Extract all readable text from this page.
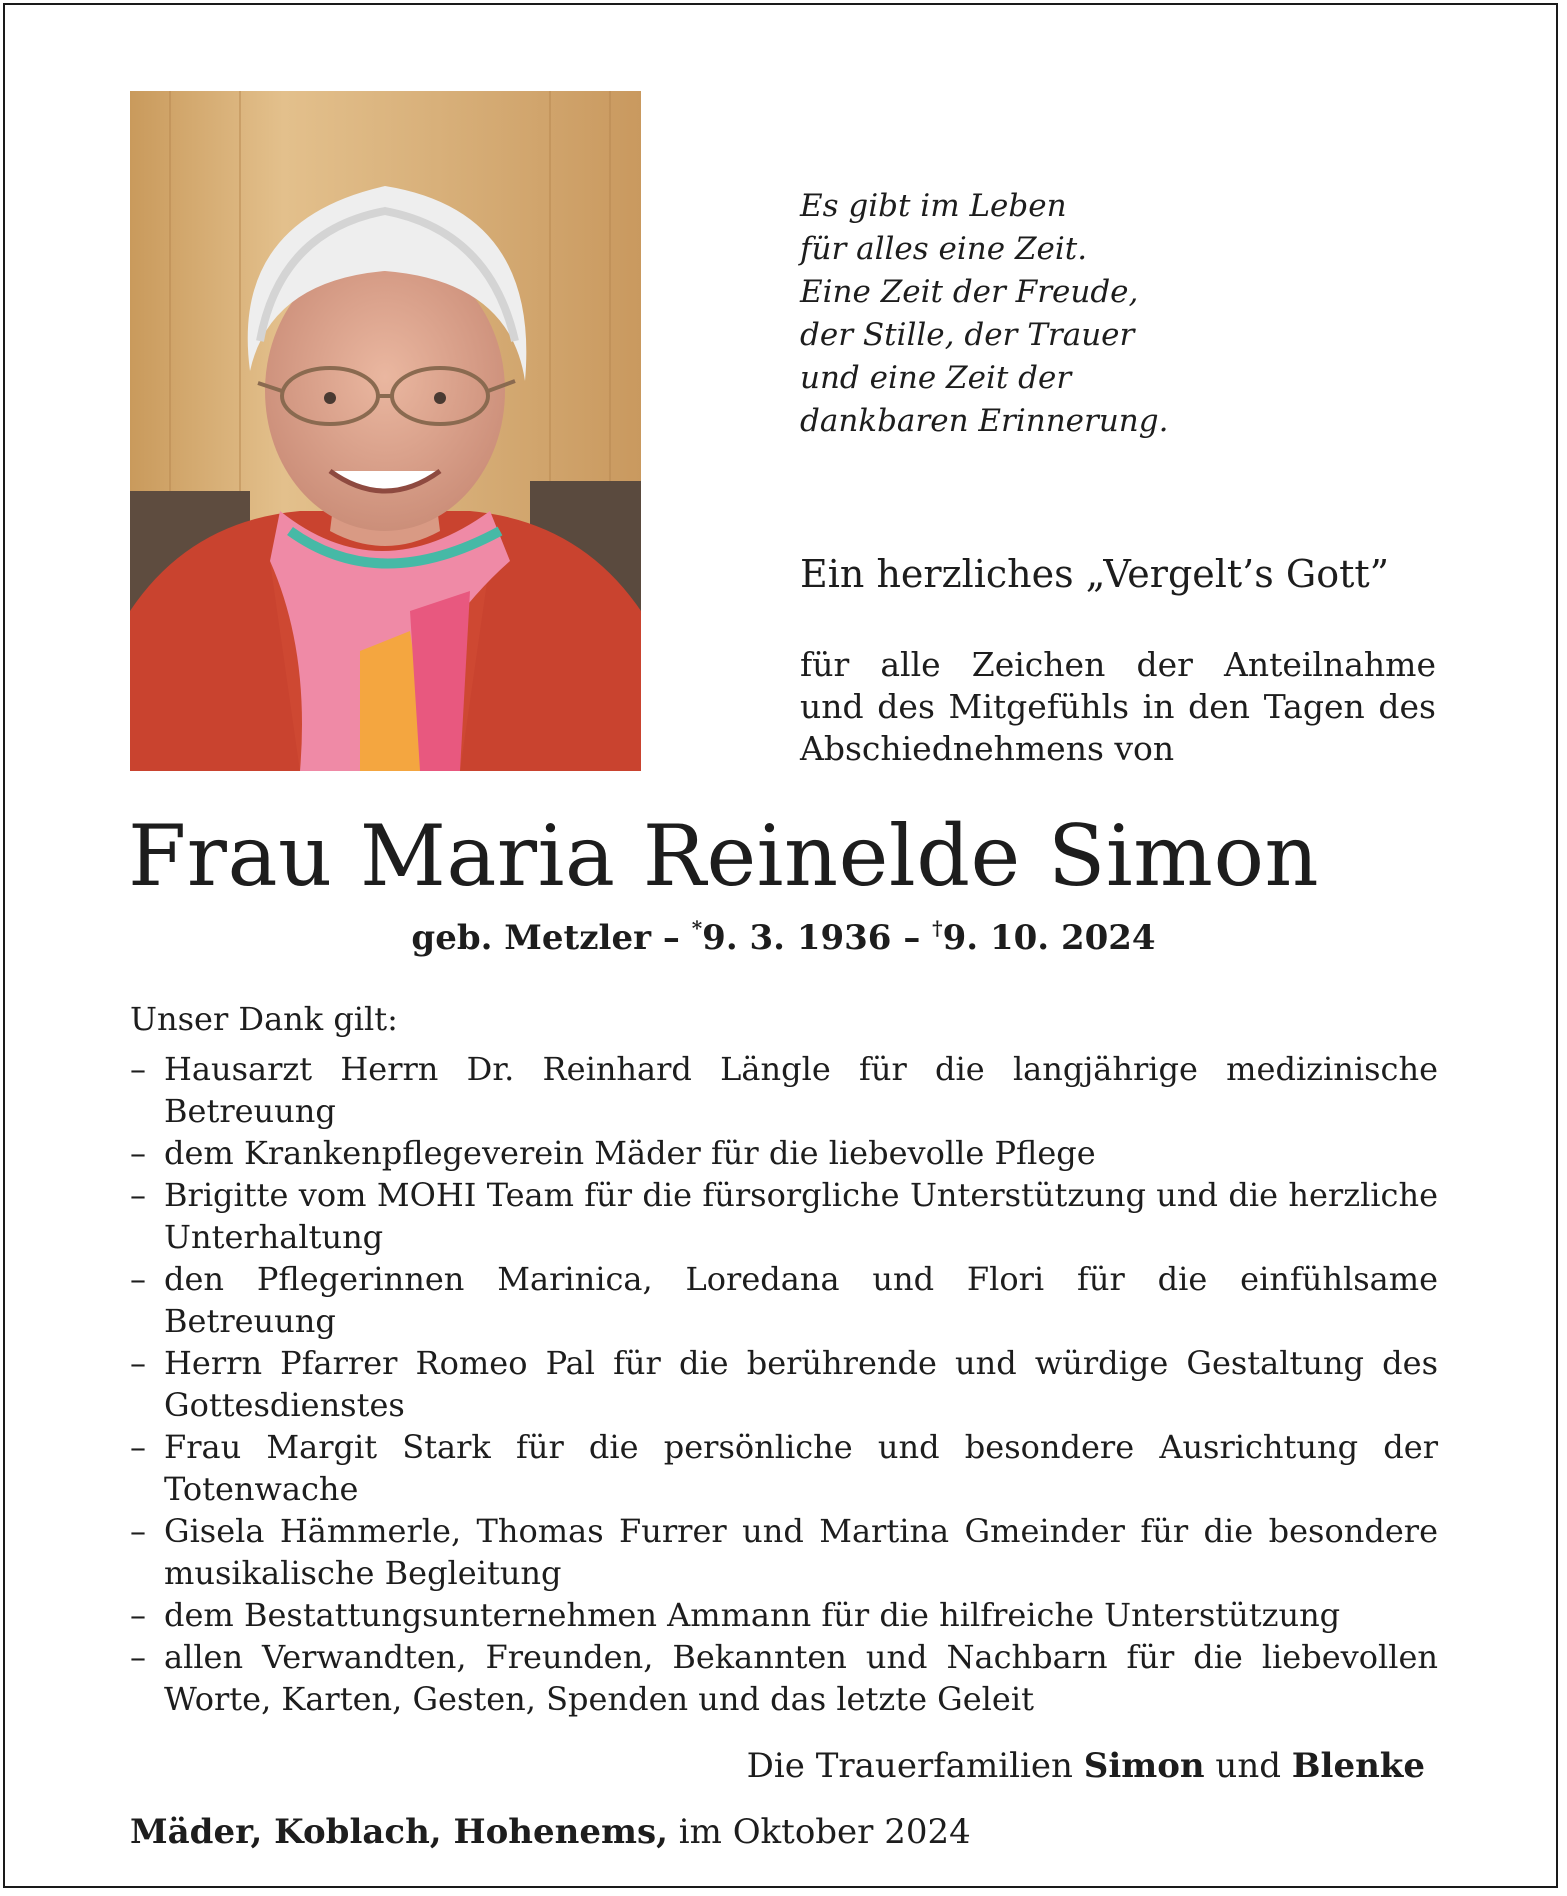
Es gibt im Leben
für alles eine Zeit.
Eine Zeit der Freude,
der Stille, der Trauer
und eine Zeit der
dankbaren Erinnerung.
Ein herzliches „Vergelt’s Gott”
für alle Zeichen der Anteilnahme
und des Mitgefühls in den Tagen des
Abschiednehmens von
Frau Maria Reinelde Simon
geb. Metzler – *9. 3. 1936 – †9. 10. 2024
Unser Dank gilt:
– Hausarzt Herrn Dr. Reinhard Längle für die langjährige medizinische Betreuung
– dem Krankenpflegeverein Mäder für die liebevolle Pflege
– Brigitte vom MOHI Team für die fürsorgliche Unterstützung und die herzliche Unterhaltung
– den Pflegerinnen Marinica, Loredana und Flori für die einfühlsame Betreuung
– Herrn Pfarrer Romeo Pal für die berührende und würdige Gestaltung des Gottesdienstes
– Frau Margit Stark für die persönliche und besondere Ausrichtung der Totenwache
– Gisela Hämmerle, Thomas Furrer und Martina Gmeinder für die besondere musikalische Begleitung
– dem Bestattungsunternehmen Ammann für die hilfreiche Unterstützung
– allen Verwandten, Freunden, Bekannten und Nachbarn für die liebevollen Worte, Karten, Gesten, Spenden und das letzte Geleit
Die Trauerfamilien Simon und Blenke
Mäder, Koblach, Hohenems, im Oktober 2024
